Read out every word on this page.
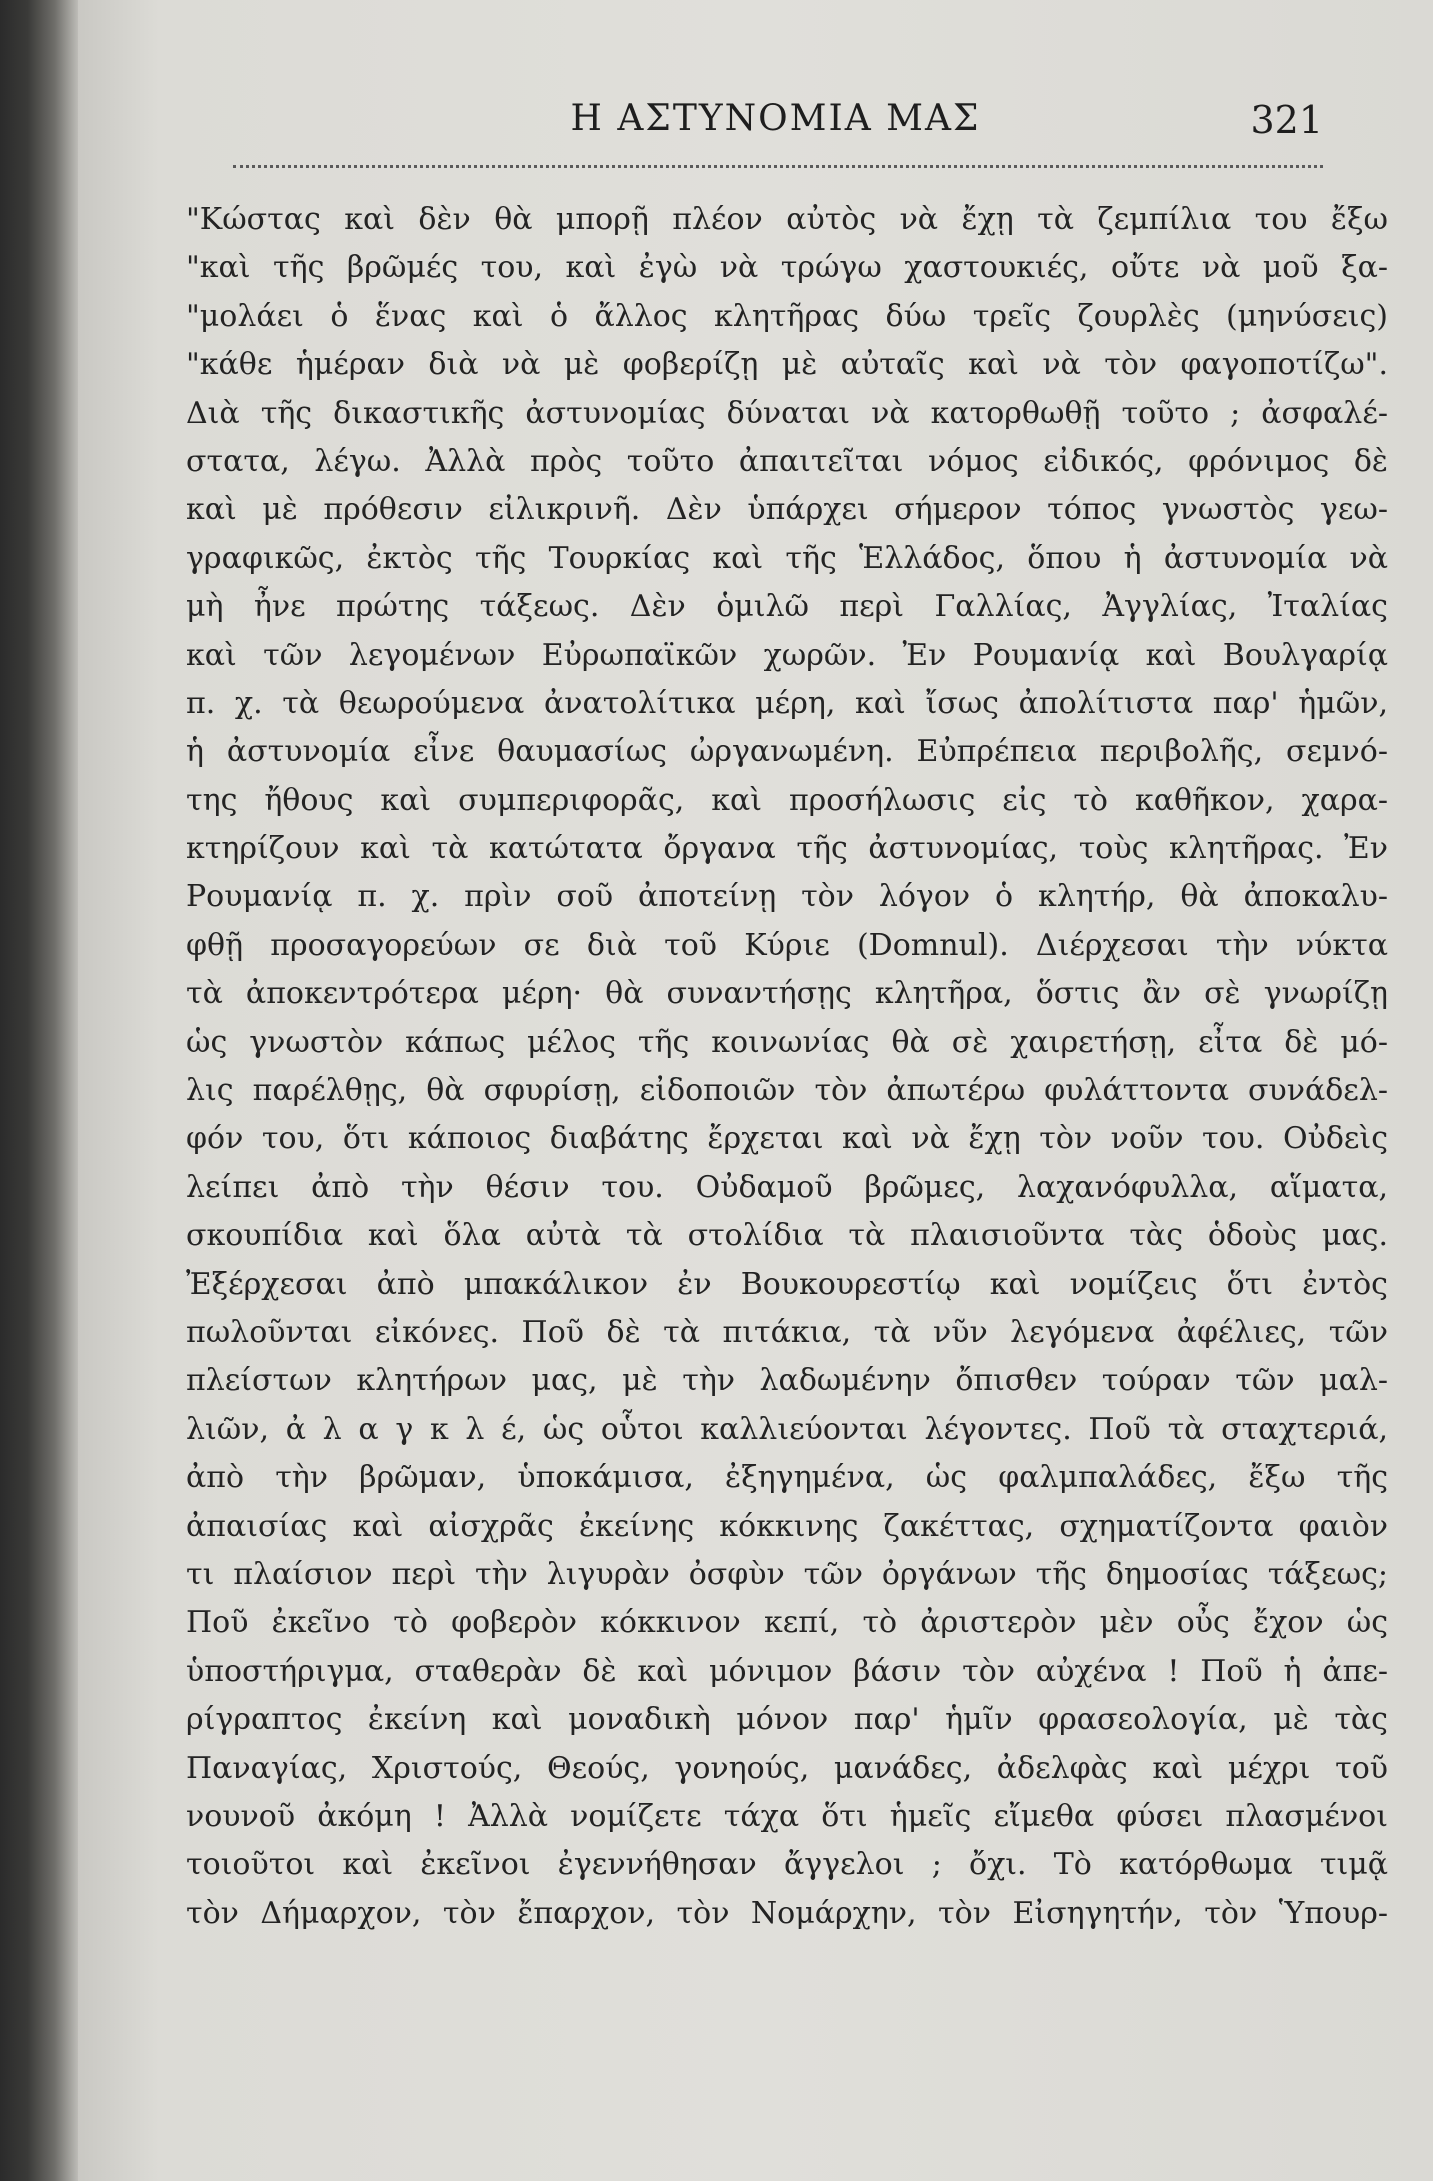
Η ΑΣΤΥΝΟΜΙΑ ΜΑΣ	321
"Κώστας καὶ δὲν θὰ μπορῇ πλέον αὐτὸς νὰ ἔχῃ τὰ ζεμπίλια του ἔξω
"καὶ τῆς βρῶμές του, καὶ ἐγὼ νὰ τρώγω χαστουκιές, οὔτε νὰ μοῦ ξα-
"μολάει ὁ ἕνας καὶ ὁ ἄλλος κλητῆρας δύω τρεῖς ζουρλὲς (μηνύσεις)
"κάθε ἡμέραν διὰ νὰ μὲ φοβερίζῃ μὲ αὐταῖς καὶ νὰ τὸν φαγοποτίζω".
Διὰ τῆς δικαστικῆς ἀστυνομίας δύναται νὰ κατορθωθῇ τοῦτο ; ἀσφαλέ-
στατα, λέγω. Ἀλλὰ πρὸς τοῦτο ἀπαιτεῖται νόμος εἰδικός, φρόνιμος δὲ
καὶ μὲ πρόθεσιν εἰλικρινῆ. Δὲν ὑπάρχει σήμερον τόπος γνωστὸς γεω-
γραφικῶς, ἐκτὸς τῆς Τουρκίας καὶ τῆς Ἑλλάδος, ὅπου ἡ ἀστυνομία νὰ
μὴ ἦνε πρώτης τάξεως. Δὲν ὁμιλῶ περὶ Γαλλίας, Ἀγγλίας, Ἰταλίας
καὶ τῶν λεγομένων Εὐρωπαϊκῶν χωρῶν. Ἐν Ρουμανίᾳ καὶ Βουλγαρίᾳ
π. χ. τὰ θεωρούμενα ἀνατολίτικα μέρη, καὶ ἴσως ἀπολίτιστα παρ' ἡμῶν,
ἡ ἀστυνομία εἶνε θαυμασίως ὠργανωμένη. Εὐπρέπεια περιβολῆς, σεμνό-
της ἤθους καὶ συμπεριφορᾶς, καὶ προσήλωσις εἰς τὸ καθῆκον, χαρα-
κτηρίζουν καὶ τὰ κατώτατα ὄργανα τῆς ἀστυνομίας, τοὺς κλητῆρας. Ἐν
Ρουμανίᾳ π. χ. πρὶν σοῦ ἀποτείνῃ τὸν λόγον ὁ κλητήρ, θὰ ἀποκαλυ-
φθῇ προσαγορεύων σε διὰ τοῦ Κύριε (Domnul). Διέρχεσαι τὴν νύκτα
τὰ ἀποκεντρότερα μέρη· θὰ συναντήσῃς κλητῆρα, ὅστις ἂν σὲ γνωρίζῃ
ὡς γνωστὸν κάπως μέλος τῆς κοινωνίας θὰ σὲ χαιρετήσῃ, εἶτα δὲ μό-
λις παρέλθῃς, θὰ σφυρίσῃ, εἰδοποιῶν τὸν ἀπωτέρω φυλάττοντα συνάδελ-
φόν του, ὅτι κάποιος διαβάτης ἔρχεται καὶ νὰ ἔχῃ τὸν νοῦν του. Οὐδεὶς
λείπει ἀπὸ τὴν θέσιν του. Οὐδαμοῦ βρῶμες, λαχανόφυλλα, αἵματα,
σκουπίδια καὶ ὅλα αὐτὰ τὰ στολίδια τὰ πλαισιοῦντα τὰς ὁδοὺς μας.
Ἐξέρχεσαι ἀπὸ μπακάλικον ἐν Βουκουρεστίῳ καὶ νομίζεις ὅτι ἐντὸς
πωλοῦνται εἰκόνες. Ποῦ δὲ τὰ πιτάκια, τὰ νῦν λεγόμενα ἀφέλιες, τῶν
πλείστων κλητήρων μας, μὲ τὴν λαδωμένην ὄπισθεν τούραν τῶν μαλ-
λιῶν, ἀ λ α γ κ λ έ, ὡς οὗτοι καλλιεύονται λέγοντες. Ποῦ τὰ σταχτεριά,
ἀπὸ τὴν βρῶμαν, ὑποκάμισα, ἐξηγημένα, ὡς φαλμπαλάδες, ἔξω τῆς
ἀπαισίας καὶ αἰσχρᾶς ἐκείνης κόκκινης ζακέττας, σχηματίζοντα φαιὸν
τι πλαίσιον περὶ τὴν λιγυρὰν ὀσφὺν τῶν ὀργάνων τῆς δημοσίας τάξεως;
Ποῦ ἐκεῖνο τὸ φοβερὸν κόκκινον κεπί, τὸ ἀριστερὸν μὲν οὖς ἔχον ὡς
ὑποστήριγμα, σταθερὰν δὲ καὶ μόνιμον βάσιν τὸν αὐχένα ! Ποῦ ἡ ἀπε-
ρίγραπτος ἐκείνη καὶ μοναδικὴ μόνον παρ' ἡμῖν φρασεολογία, μὲ τὰς
Παναγίας, Χριστούς, Θεούς, γονηούς, μανάδες, ἀδελφὰς καὶ μέχρι τοῦ
νουνοῦ ἀκόμη ! Ἀλλὰ νομίζετε τάχα ὅτι ἡμεῖς εἴμεθα φύσει πλασμένοι
τοιοῦτοι καὶ ἐκεῖνοι ἐγεννήθησαν ἄγγελοι ; ὄχι. Τὸ κατόρθωμα τιμᾷ
τὸν Δήμαρχον, τὸν ἔπαρχον, τὸν Νομάρχην, τὸν Εἰσηγητήν, τὸν Ὑπουρ-
